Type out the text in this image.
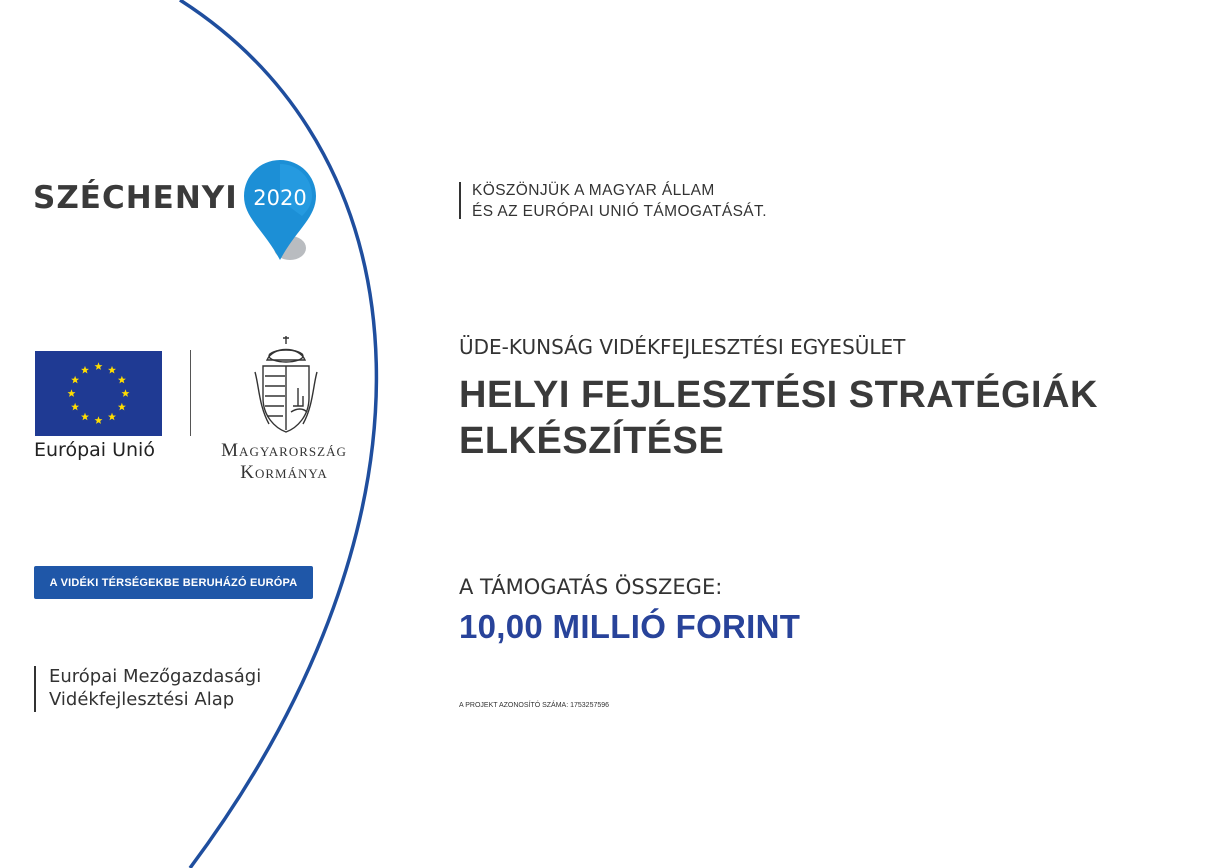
SZÉCHENYI 2020
Európai Unió	Magyarország
Kormánya
A VIDÉKI TÉRSÉGEKBE BERUHÁZÓ EURÓPA
Európai Mezőgazdasági
Vidékfejlesztési Alap
KÖSZÖNJÜK A MAGYAR ÁLLAM
ÉS AZ EURÓPAI UNIÓ TÁMOGATÁSÁT.
ÜDE-KUNSÁG VIDÉKFEJLESZTÉSI EGYESÜLET
HELYI FEJLESZTÉSI STRATÉGIÁK
ELKÉSZÍTÉSE
A TÁMOGATÁS ÖSSZEGE:
10,00 MILLIÓ FORINT
A PROJEKT AZONOSÍTÓ SZÁMA: 1753257596
